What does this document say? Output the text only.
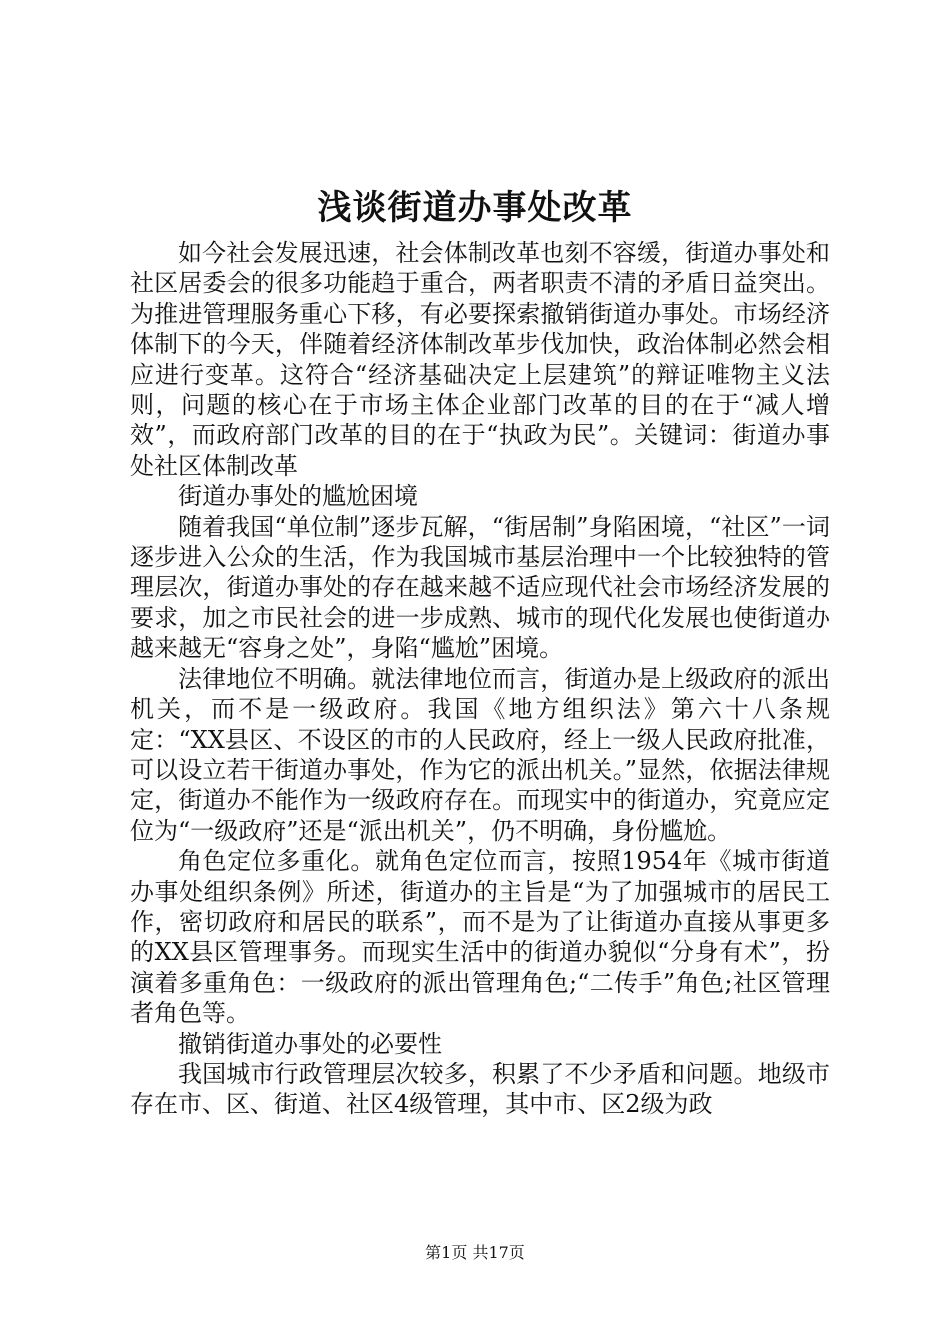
浅谈街道办事处改革

如今社会发展迅速，社会体制改革也刻不容缓，街道办事处和社区居委会的很多功能趋于重合，两者职责不清的矛盾日益突出。为推进管理服务重心下移，有必要探索撤销街道办事处。市场经济体制下的今天，伴随着经济体制改革步伐加快，政治体制必然会相应进行变革。这符合“经济基础决定上层建筑”的辩证唯物主义法则，问题的核心在于市场主体企业部门改革的目的在于“减人增效”，而政府部门改革的目的在于“执政为民”。关键词：街道办事处社区体制改革

街道办事处的尴尬困境

随着我国“单位制”逐步瓦解，“街居制”身陷困境，“社区”一词逐步进入公众的生活，作为我国城市基层治理中一个比较独特的管理层次，街道办事处的存在越来越不适应现代社会市场经济发展的要求，加之市民社会的进一步成熟、城市的现代化发展也使街道办越来越无“容身之处”，身陷“尴尬”困境。

法律地位不明确。就法律地位而言，街道办是上级政府的派出机关，而不是一级政府。我国《地方组织法》第六十八条规定：“XX县区、不设区的市的人民政府，经上一级人民政府批准，可以设立若干街道办事处，作为它的派出机关。”显然，依据法律规定，街道办不能作为一级政府存在。而现实中的街道办，究竟应定位为“一级政府”还是“派出机关”，仍不明确，身份尴尬。

角色定位多重化。就角色定位而言，按照1954年《城市街道办事处组织条例》所述，街道办的主旨是“为了加强城市的居民工作，密切政府和居民的联系”，而不是为了让街道办直接从事更多的XX县区管理事务。而现实生活中的街道办貌似“分身有术”，扮演着多重角色：一级政府的派出管理角色;“二传手”角色;社区管理者角色等。

撤销街道办事处的必要性

我国城市行政管理层次较多，积累了不少矛盾和问题。地级市存在市、区、街道、社区4级管理，其中市、区2级为政

第1页 共17页
